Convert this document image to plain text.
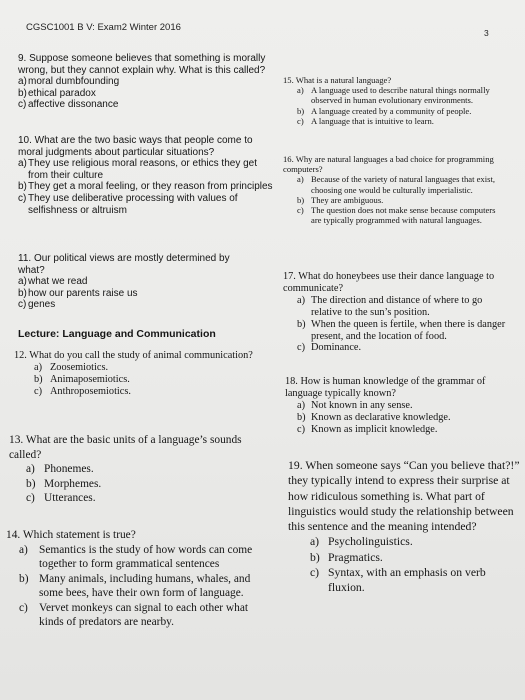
CGSC1001 B V: Exam2 Winter 2016	3

9. Suppose someone believes that something is morally wrong, but they cannot explain why. What is this called?

a) moral dumbfounding
b) ethical paradox
c) affective dissonance

10. What are the two basic ways that people come to moral judgments about particular situations?

a) They use religious moral reasons, or ethics they get from their culture
b) They get a moral feeling, or they reason from principles
c) They use deliberative processing with values of selfishness or altruism

11. Our political views are mostly determined by what?

a) what we read
b) how our parents raise us
c) genes
Lecture: Language and Communication

12. What do you call the study of animal communication?

a) Zoosemiotics.
b) Animaposemiotics.
c) Anthroposemiotics.

13. What are the basic units of a language’s sounds called?

a) Phonemes.
b) Morphemes.
c) Utterances.

14. Which statement is true?

a) Semantics is the study of how words can come together to form grammatical sentences
b) Many animals, including humans, whales, and some bees, have their own form of language.
c) Vervet monkeys can signal to each other what kinds of predators are nearby.

15. What is a natural language?

a) A language used to describe natural things normally observed in human evolutionary environments.
b) A language created by a community of people.
c) A language that is intuitive to learn.

16. Why are natural languages a bad choice for programming computers?

a) Because of the variety of natural languages that exist, choosing one would be culturally imperialistic.
b) They are ambiguous.
c) The question does not make sense because computers are typically programmed with natural languages.

17. What do honeybees use their dance language to communicate?

a) The direction and distance of where to go relative to the sun’s position.
b) When the queen is fertile, when there is danger present, and the location of food.
c) Dominance.

18. How is human knowledge of the grammar of language typically known?

a) Not known in any sense.
b) Known as declarative knowledge.
c) Known as implicit knowledge.

19. When someone says “Can you believe that?!” they typically intend to express their surprise at how ridiculous something is. What part of linguistics would study the relationship between this sentence and the meaning intended?

a) Psycholinguistics.
b) Pragmatics.
c) Syntax, with an emphasis on verb fluxion.
